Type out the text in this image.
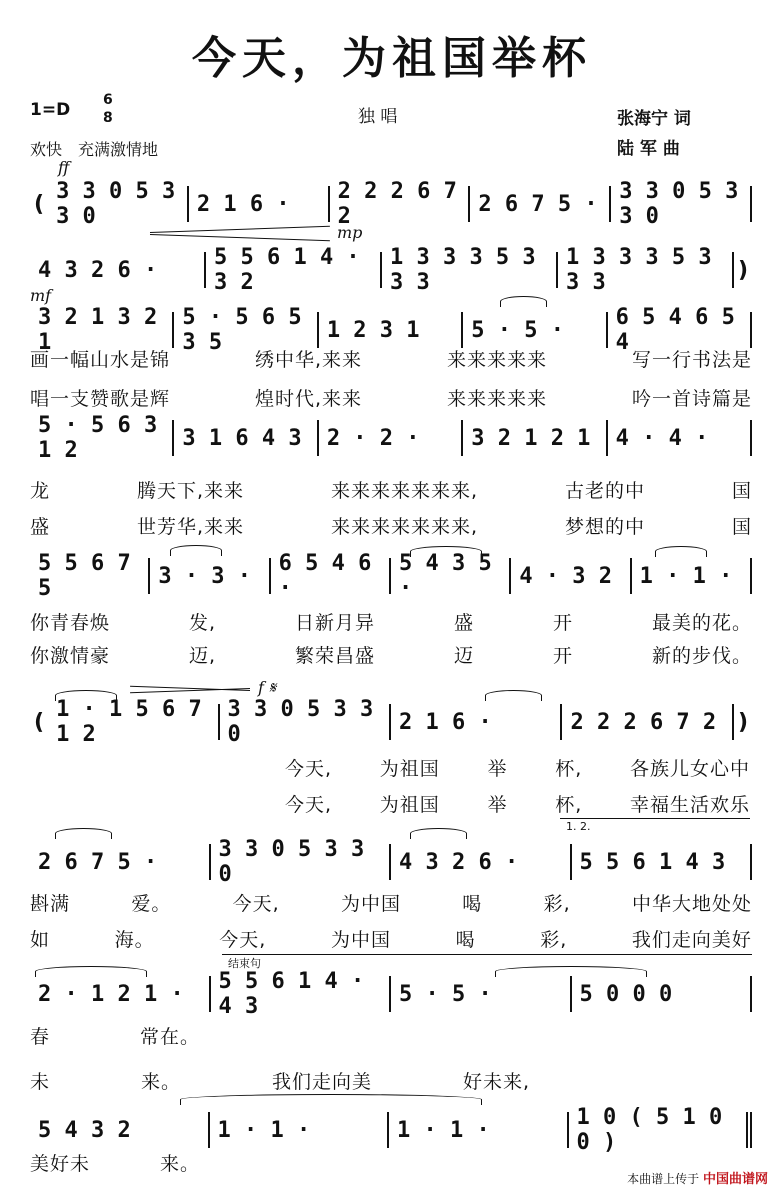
今天，为祖国举杯
1=D 6
8	独 唱	张海宁 词
陆 军 曲
欢快　充满激情地
ff
mp
mf
f 𝄋
1. 2.
结束句
( 3 3 0 5 3 3 0	2 1 6 ·	2 2 2 6 7 2	2 6 7 5 · 3 3 0 5 3 3 0
4 3 2 6 ·	5 5 6 1 4 · 3 2
1 3 3 3 5 3 3 3
1 3 3 3 5 3 3 3	)
3 2 1 3 2 1
5 · 5 6 5 3 5	1 2 3 1	5 · 5 ·	6 5 4 6 5 4
5 · 5 6 3 1 2	3 1 6 4 3	2 · 2 ·	3 2 1 2 1	4 · 4 ·
5 5 6 7 5	3 · 3 ·	6 5 4 6 ·
5 4 3 5 ·	4 · 3 2	1 · 1 ·
( 1 · 1 5 6 7 1 2
3 3 0 5 3 3 0	2 1 6 ·	2 2 2 6 7 2 )
2 6 7 5 ·	3 3 0 5 3 3 0	4 3 2 6 ·	5 5 6 1 4 3
2 · 1 2 1 ·	5 5 6 1 4 · 4 3	5 · 5 ·	5 0 0 0
5 4 3 2	1 · 1 ·	1 · 1 ·	1 0 ( 5 1 0 0 )
画一幅山水是锦	绣中华,来来	来来来来来	写一行书法是
唱一支赞歌是辉	煌时代,来来	来来来来来	吟一首诗篇是
龙	腾天下,来来	来来来来来来来,	古老的中	国
盛	世芳华,来来	来来来来来来来,	梦想的中	国
你青春焕	发,	日新月异	盛	开	最美的花。
你激情豪	迈,	繁荣昌盛	迈	开	新的步伐。
今天,	为祖国	举	杯,	各族儿女心中
今天,	为祖国	举	杯,	幸福生活欢乐
斟满	爱。	今天,	为中国	喝	彩,	中华大地处处
如	海。	今天,	为中国	喝	彩,	我们走向美好
春	常在。
未	来。	我们走向美	好未来,
美好未	来。
本曲谱上传于 中国曲谱网
